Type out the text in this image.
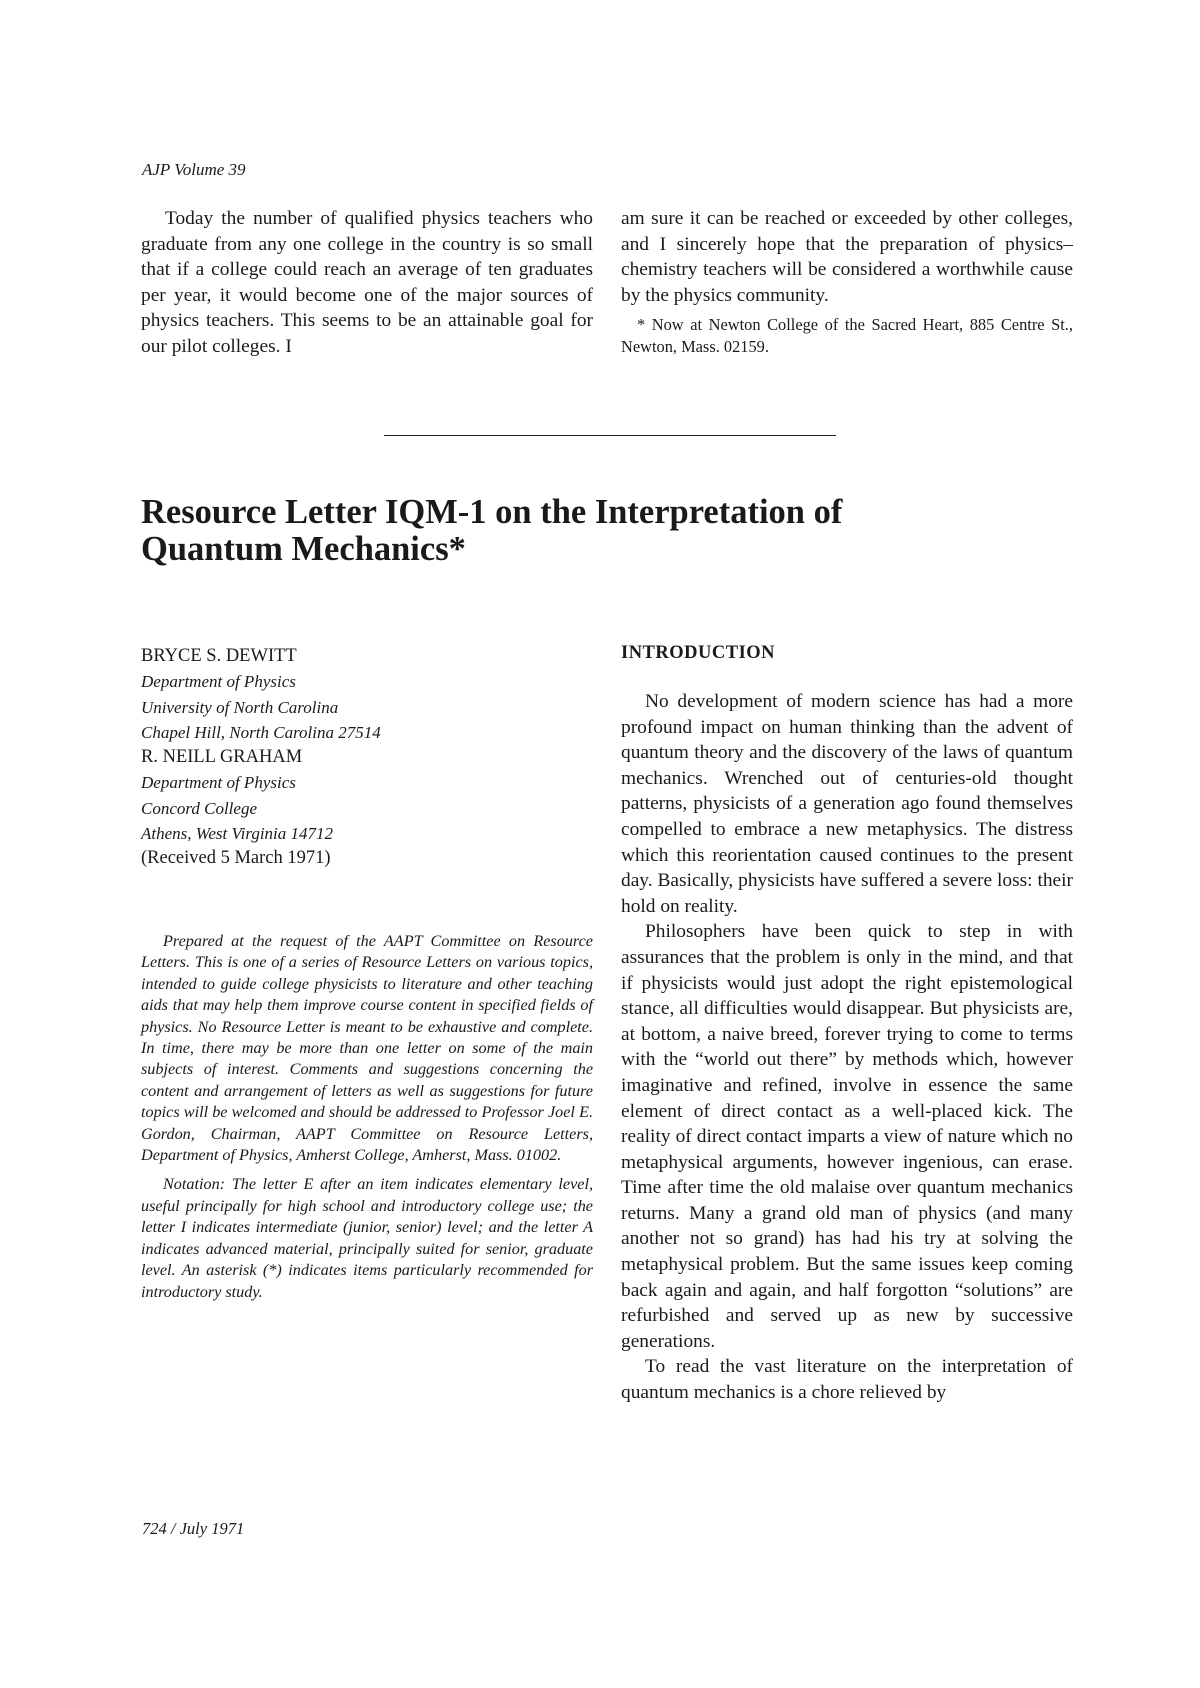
AJP Volume 39

Today the number of qualified physics teachers who graduate from any one college in the country is so small that if a college could reach an average of ten graduates per year, it would become one of the major sources of physics teachers. This seems to be an attainable goal for our pilot colleges. I

am sure it can be reached or exceeded by other colleges, and I sincerely hope that the preparation of physics–chemistry teachers will be considered a worthwhile cause by the physics community.

* Now at Newton College of the Sacred Heart, 885 Centre St., Newton, Mass. 02159.

Resource Letter IQM-1 on the Interpretation of
Quantum Mechanics*
BRYCE S. DEWITT
Department of Physics
University of North Carolina
Chapel Hill, North Carolina 27514
R. NEILL GRAHAM
Department of Physics
Concord College
Athens, West Virginia 14712
(Received 5 March 1971)

Prepared at the request of the AAPT Committee on Resource Letters. This is one of a series of Resource Letters on various topics, intended to guide college physicists to literature and other teaching aids that may help them improve course content in specified fields of physics. No Resource Letter is meant to be exhaustive and complete. In time, there may be more than one letter on some of the main subjects of interest. Comments and suggestions concerning the content and arrangement of letters as well as suggestions for future topics will be welcomed and should be addressed to Professor Joel E. Gordon, Chairman, AAPT Committee on Resource Letters, Department of Physics, Amherst College, Amherst, Mass. 01002.

Notation: The letter E after an item indicates elementary level, useful principally for high school and introductory college use; the letter I indicates intermediate (junior, senior) level; and the letter A indicates advanced material, principally suited for senior, graduate level. An asterisk (*) indicates items particularly recommended for introductory study.

INTRODUCTION

No development of modern science has had a more profound impact on human thinking than the advent of quantum theory and the discovery of the laws of quantum mechanics. Wrenched out of centuries-old thought patterns, physicists of a generation ago found themselves compelled to embrace a new metaphysics. The distress which this reorientation caused continues to the present day. Basically, physicists have suffered a severe loss: their hold on reality.

Philosophers have been quick to step in with assurances that the problem is only in the mind, and that if physicists would just adopt the right epistemological stance, all difficulties would disappear. But physicists are, at bottom, a naive breed, forever trying to come to terms with the “world out there” by methods which, however imaginative and refined, involve in essence the same element of direct contact as a well-placed kick. The reality of direct contact imparts a view of nature which no metaphysical arguments, however ingenious, can erase. Time after time the old malaise over quantum mechanics returns. Many a grand old man of physics (and many another not so grand) has had his try at solving the metaphysical problem. But the same issues keep coming back again and again, and half forgotton “solutions” are refurbished and served up as new by successive generations.

To read the vast literature on the interpretation of quantum mechanics is a chore relieved by

724 / July 1971
